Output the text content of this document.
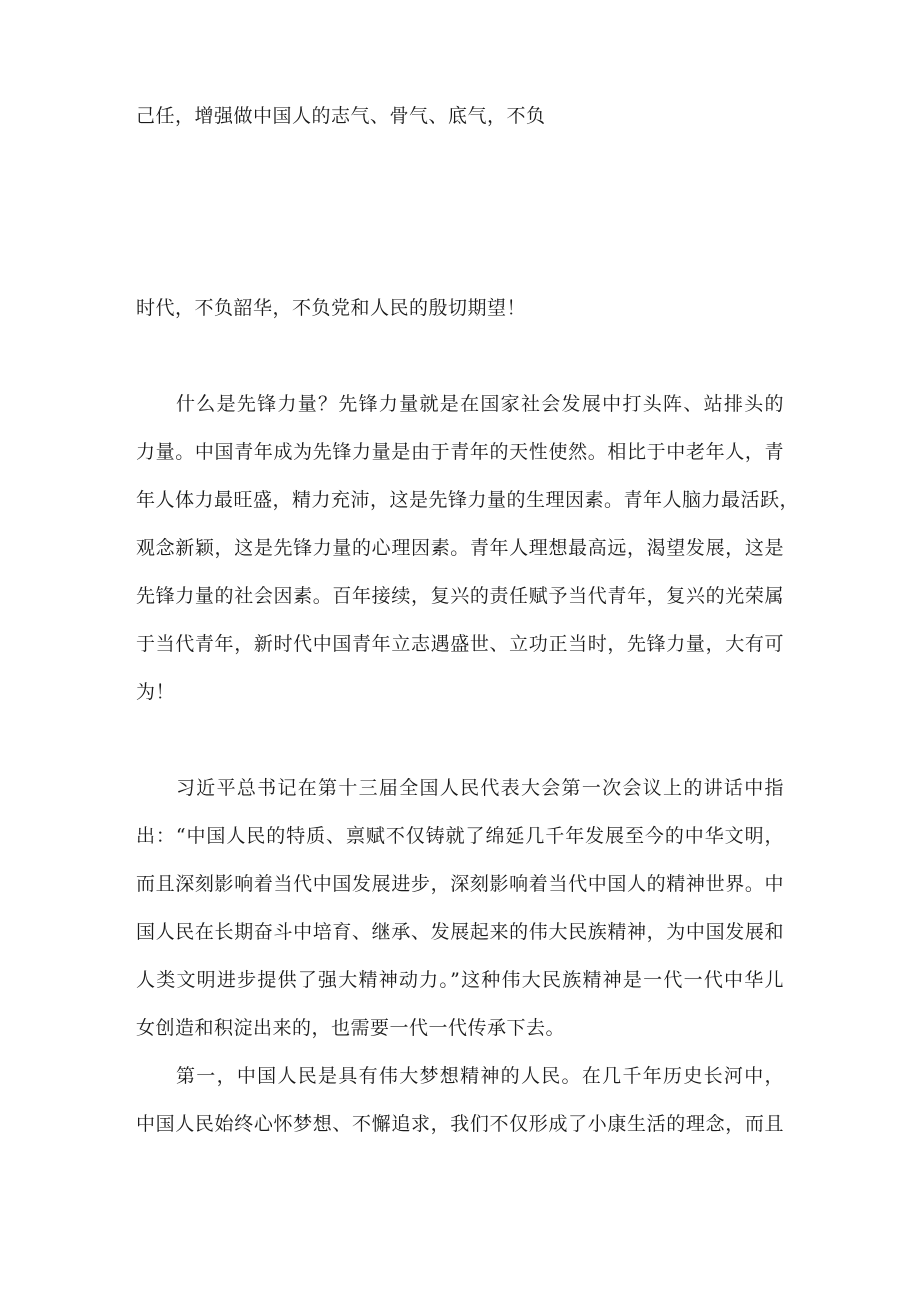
己任，增强做中国人的志气、骨气、底气，不负
时代，不负韶华，不负党和人民的殷切期望！
什么是先锋力量？先锋力量就是在国家社会发展中打头阵、站排头的
力量。中国青年成为先锋力量是由于青年的天性使然。相比于中老年人，青
年人体力最旺盛，精力充沛，这是先锋力量的生理因素。青年人脑力最活跃，
观念新颖，这是先锋力量的心理因素。青年人理想最高远，渴望发展，这是
先锋力量的社会因素。百年接续，复兴的责任赋予当代青年，复兴的光荣属
于当代青年，新时代中国青年立志遇盛世、立功正当时，先锋力量，大有可
为！
习近平总书记在第十三届全国人民代表大会第一次会议上的讲话中指
出：“中国人民的特质、禀赋不仅铸就了绵延几千年发展至今的中华文明，
而且深刻影响着当代中国发展进步，深刻影响着当代中国人的精神世界。中
国人民在长期奋斗中培育、继承、发展起来的伟大民族精神，为中国发展和
人类文明进步提供了强大精神动力。”这种伟大民族精神是一代一代中华儿
女创造和积淀出来的，也需要一代一代传承下去。
第一，中国人民是具有伟大梦想精神的人民。在几千年历史长河中，
中国人民始终心怀梦想、不懈追求，我们不仅形成了小康生活的理念，而且
